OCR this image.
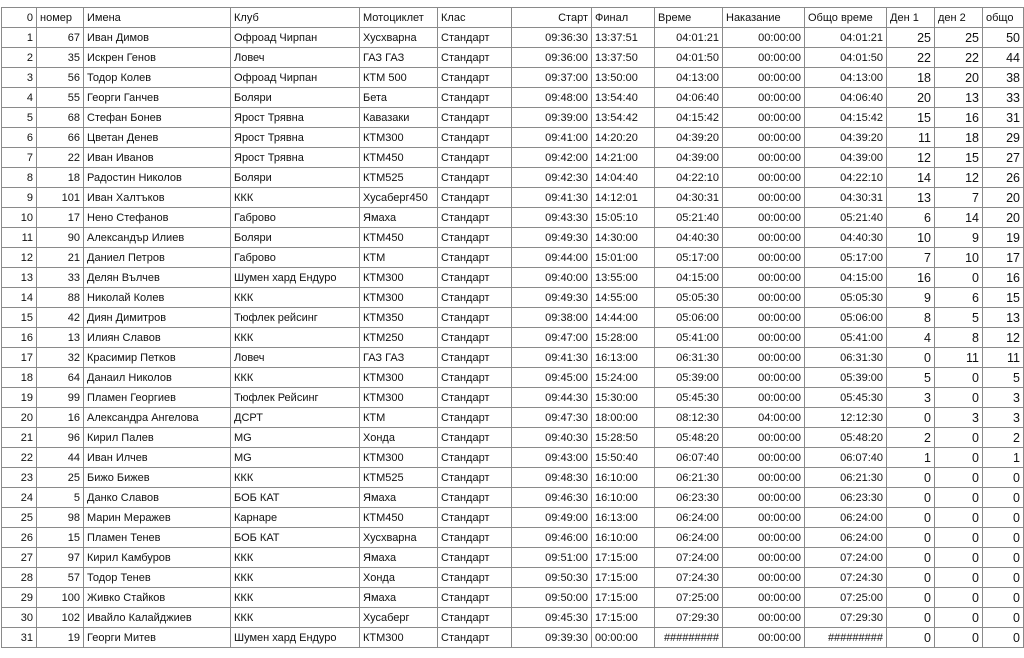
0	номер	Имена	Клуб	Мотоциклет	Клас	Старт	Финал	Време	Наказание	Общо време	Ден 1	ден 2	общо
1	67	Иван Димов	Офроад Чирпан	Хусхварна	Стандарт	09:36:30	13:37:51	04:01:21	00:00:00	04:01:21	25	25	50
2	35	Искрен Генов	Ловеч	ГАЗ ГАЗ	Стандарт	09:36:00	13:37:50	04:01:50	00:00:00	04:01:50	22	22	44
3	56	Тодор Колев	Офроад Чирпан	КТМ 500	Стандарт	09:37:00	13:50:00	04:13:00	00:00:00	04:13:00	18	20	38
4	55	Георги Ганчев	Боляри	Бета	Стандарт	09:48:00	13:54:40	04:06:40	00:00:00	04:06:40	20	13	33
5	68	Стефан Бонев	Ярост Трявна	Кавазаки	Стандарт	09:39:00	13:54:42	04:15:42	00:00:00	04:15:42	15	16	31
6	66	Цветан Денев	Ярост Трявна	КТМ300	Стандарт	09:41:00	14:20:20	04:39:20	00:00:00	04:39:20	11	18	29
7	22	Иван Иванов	Ярост Трявна	КТМ450	Стандарт	09:42:00	14:21:00	04:39:00	00:00:00	04:39:00	12	15	27
8	18	Радостин Николов	Боляри	КТМ525	Стандарт	09:42:30	14:04:40	04:22:10	00:00:00	04:22:10	14	12	26
9	101	Иван Халтъков	ККК	Хусаберг450	Стандарт	09:41:30	14:12:01	04:30:31	00:00:00	04:30:31	13	7	20
10	17	Нено Стефанов	Габрово	Ямаха	Стандарт	09:43:30	15:05:10	05:21:40	00:00:00	05:21:40	6	14	20
11	90	Александър Илиев	Боляри	КТМ450	Стандарт	09:49:30	14:30:00	04:40:30	00:00:00	04:40:30	10	9	19
12	21	Даниел Петров	Габрово	КТМ	Стандарт	09:44:00	15:01:00	05:17:00	00:00:00	05:17:00	7	10	17
13	33	Делян Вълчев	Шумен хард Ендуро	КТМ300	Стандарт	09:40:00	13:55:00	04:15:00	00:00:00	04:15:00	16	0	16
14	88	Николай Колев	ККК	КТМ300	Стандарт	09:49:30	14:55:00	05:05:30	00:00:00	05:05:30	9	6	15
15	42	Диян Димитров	Тюфлек рейсинг	КТМ350	Стандарт	09:38:00	14:44:00	05:06:00	00:00:00	05:06:00	8	5	13
16	13	Илиян Славов	ККК	КТМ250	Стандарт	09:47:00	15:28:00	05:41:00	00:00:00	05:41:00	4	8	12
17	32	Красимир Петков	Ловеч	ГАЗ ГАЗ	Стандарт	09:41:30	16:13:00	06:31:30	00:00:00	06:31:30	0	11	11
18	64	Данаил Николов	ККК	КТМ300	Стандарт	09:45:00	15:24:00	05:39:00	00:00:00	05:39:00	5	0	5
19	99	Пламен Георгиев	Тюфлек Рейсинг	КТМ300	Стандарт	09:44:30	15:30:00	05:45:30	00:00:00	05:45:30	3	0	3
20	16	Александра Ангелова	ДСРТ	КТМ	Стандарт	09:47:30	18:00:00	08:12:30	04:00:00	12:12:30	0	3	3
21	96	Кирил Палев	MG	Хонда	Стандарт	09:40:30	15:28:50	05:48:20	00:00:00	05:48:20	2	0	2
22	44	Иван Илчев	MG	КТМ300	Стандарт	09:43:00	15:50:40	06:07:40	00:00:00	06:07:40	1	0	1
23	25	Бижо Бижев	ККК	КТМ525	Стандарт	09:48:30	16:10:00	06:21:30	00:00:00	06:21:30	0	0	0
24	5	Данко Славов	БОБ КАТ	Ямаха	Стандарт	09:46:30	16:10:00	06:23:30	00:00:00	06:23:30	0	0	0
25	98	Марин Меражев	Карнаре	КТМ450	Стандарт	09:49:00	16:13:00	06:24:00	00:00:00	06:24:00	0	0	0
26	15	Пламен Тенев	БОБ КАТ	Хусхварна	Стандарт	09:46:00	16:10:00	06:24:00	00:00:00	06:24:00	0	0	0
27	97	Кирил Камбуров	ККК	Ямаха	Стандарт	09:51:00	17:15:00	07:24:00	00:00:00	07:24:00	0	0	0
28	57	Тодор Тенев	ККК	Хонда	Стандарт	09:50:30	17:15:00	07:24:30	00:00:00	07:24:30	0	0	0
29	100	Живко Стайков	ККК	Ямаха	Стандарт	09:50:00	17:15:00	07:25:00	00:00:00	07:25:00	0	0	0
30	102	Ивайло Калайджиев	ККК	Хусаберг	Стандарт	09:45:30	17:15:00	07:29:30	00:00:00	07:29:30	0	0	0
31	19	Георги Митев	Шумен хард Ендуро	КТМ300	Стандарт	09:39:30	00:00:00	#########	00:00:00	#########	0	0	0
